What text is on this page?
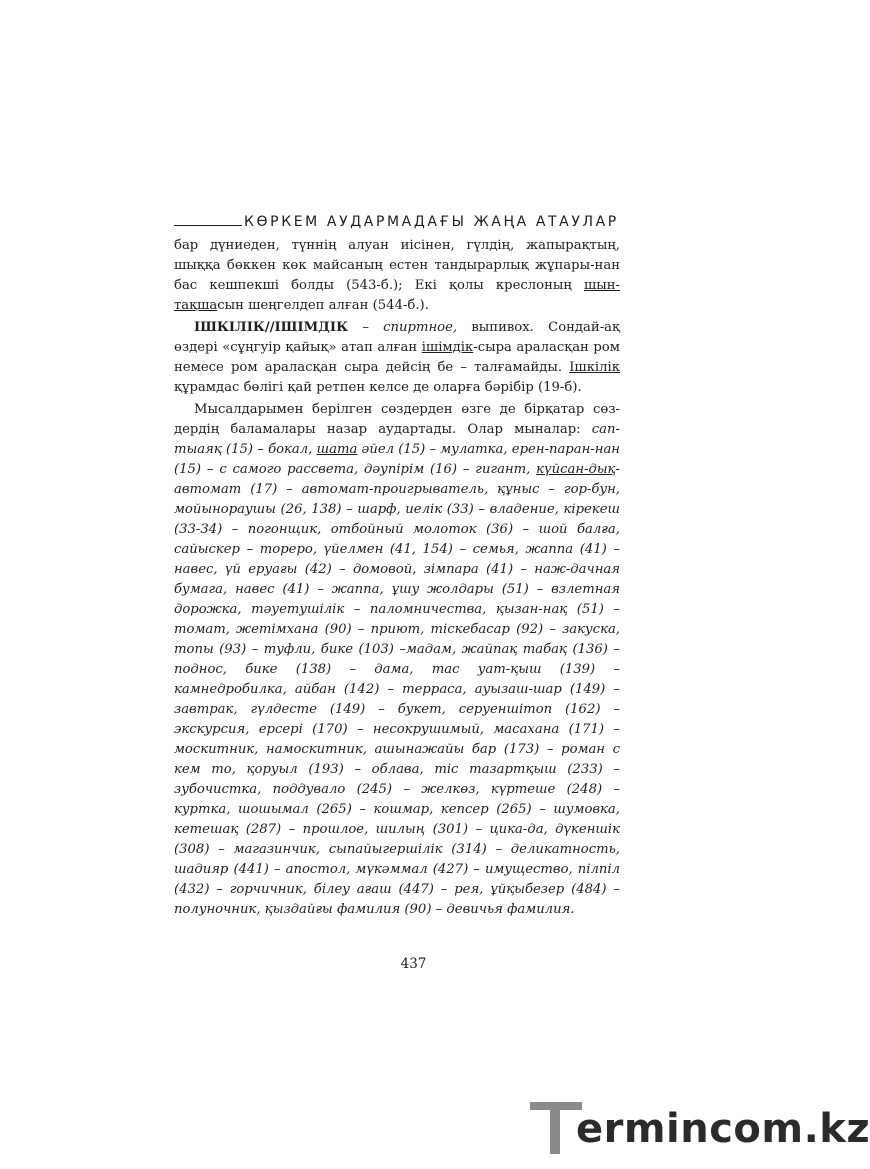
КӨРКЕМ АУДАРМАДАҒЫ ЖАҢА АТАУЛАР

бар дүниеден, түннің алуан иісінен, гүлдің, жапырақтың, шыққа бөккен көк майсаның естен тандырарлық жұпары-нан бас кешпекші болды (543-б.); Екі қолы креслоның шын-тақшасын шеңгелдеп алған (544-б.).

ІШКІЛІК//ІШІМДІК – спиртное, выпивох. Сондай-ақ өздері «сұңгуір қайық» атап алған ішімдік-сыра араласқан ром немесе ром араласқан сыра дейсің бе – талғамайды. Ішкілік құрамдас бөлігі қай ретпен келсе де оларға бәрібір (19-б).

Мысалдарымен берілген сөздерден өзге де бірқатар сөз-дердің баламалары назар аудартады. Олар мыналар: сап-тыаяқ (15) – бокал, шата әйел (15) – мулатка, ерен-паран-нан (15) – с самого рассвета, дәупірім (16) – гигант, күйсан-дық-автомат (17) – автомат-проигрыватель, құныс – гор-бун, мойынораушы (26, 138) – шарф, иелік (33) – владение, кірекеш (33-34) – погонщик, отбойный молоток (36) – шой балға, сайыскер – тореро, үйелмен (41, 154) – семья, жаппа (41) – навес, үй еруағы (42) – домовой, зімпара (41) – наж-дачная бумага, навес (41) – жаппа, ұшу жолдары (51) – взлетная дорожка, тәуетушілік – паломничества, қызан-нақ (51) – томат, жетімхана (90) – приют, тіскебасар (92) – закуска, топы (93) – туфли, бике (103) –мадам, жайпақ табақ (136) – поднос, бике (138) – дама, тас уат-қыш (139) – камнедробилка, айбан (142) – терраса, ауызаш-шар (149) – завтрак, гүлдесте (149) – букет, серуеншітоп (162) – экскурсия, ерсері (170) – несокрушимый, масахана (171) – москитник, намоскитник, ашынажайы бар (173) – роман с кем то, қоруыл (193) – облава, тіс тазартқыш (233) – зубочистка, поддувало (245) – желкөз, күртеше (248) – куртка, шошымал (265) – кошмар, кепсер (265) – шумовка, кетешақ (287) – прошлое, шилың (301) – цика-да, дүкеншік (308) – магазинчик, сыпайыгершілік (314) – деликатность, шадияр (441) – апостол, мүкәммал (427) – имущество, пілпіл (432) – горчичник, білеу ағаш (447) – рея, ұйқыбезер (484) – полуночник, қыздайғы фамилия (90) – девичья фамилия.

437
ermincom.kz
